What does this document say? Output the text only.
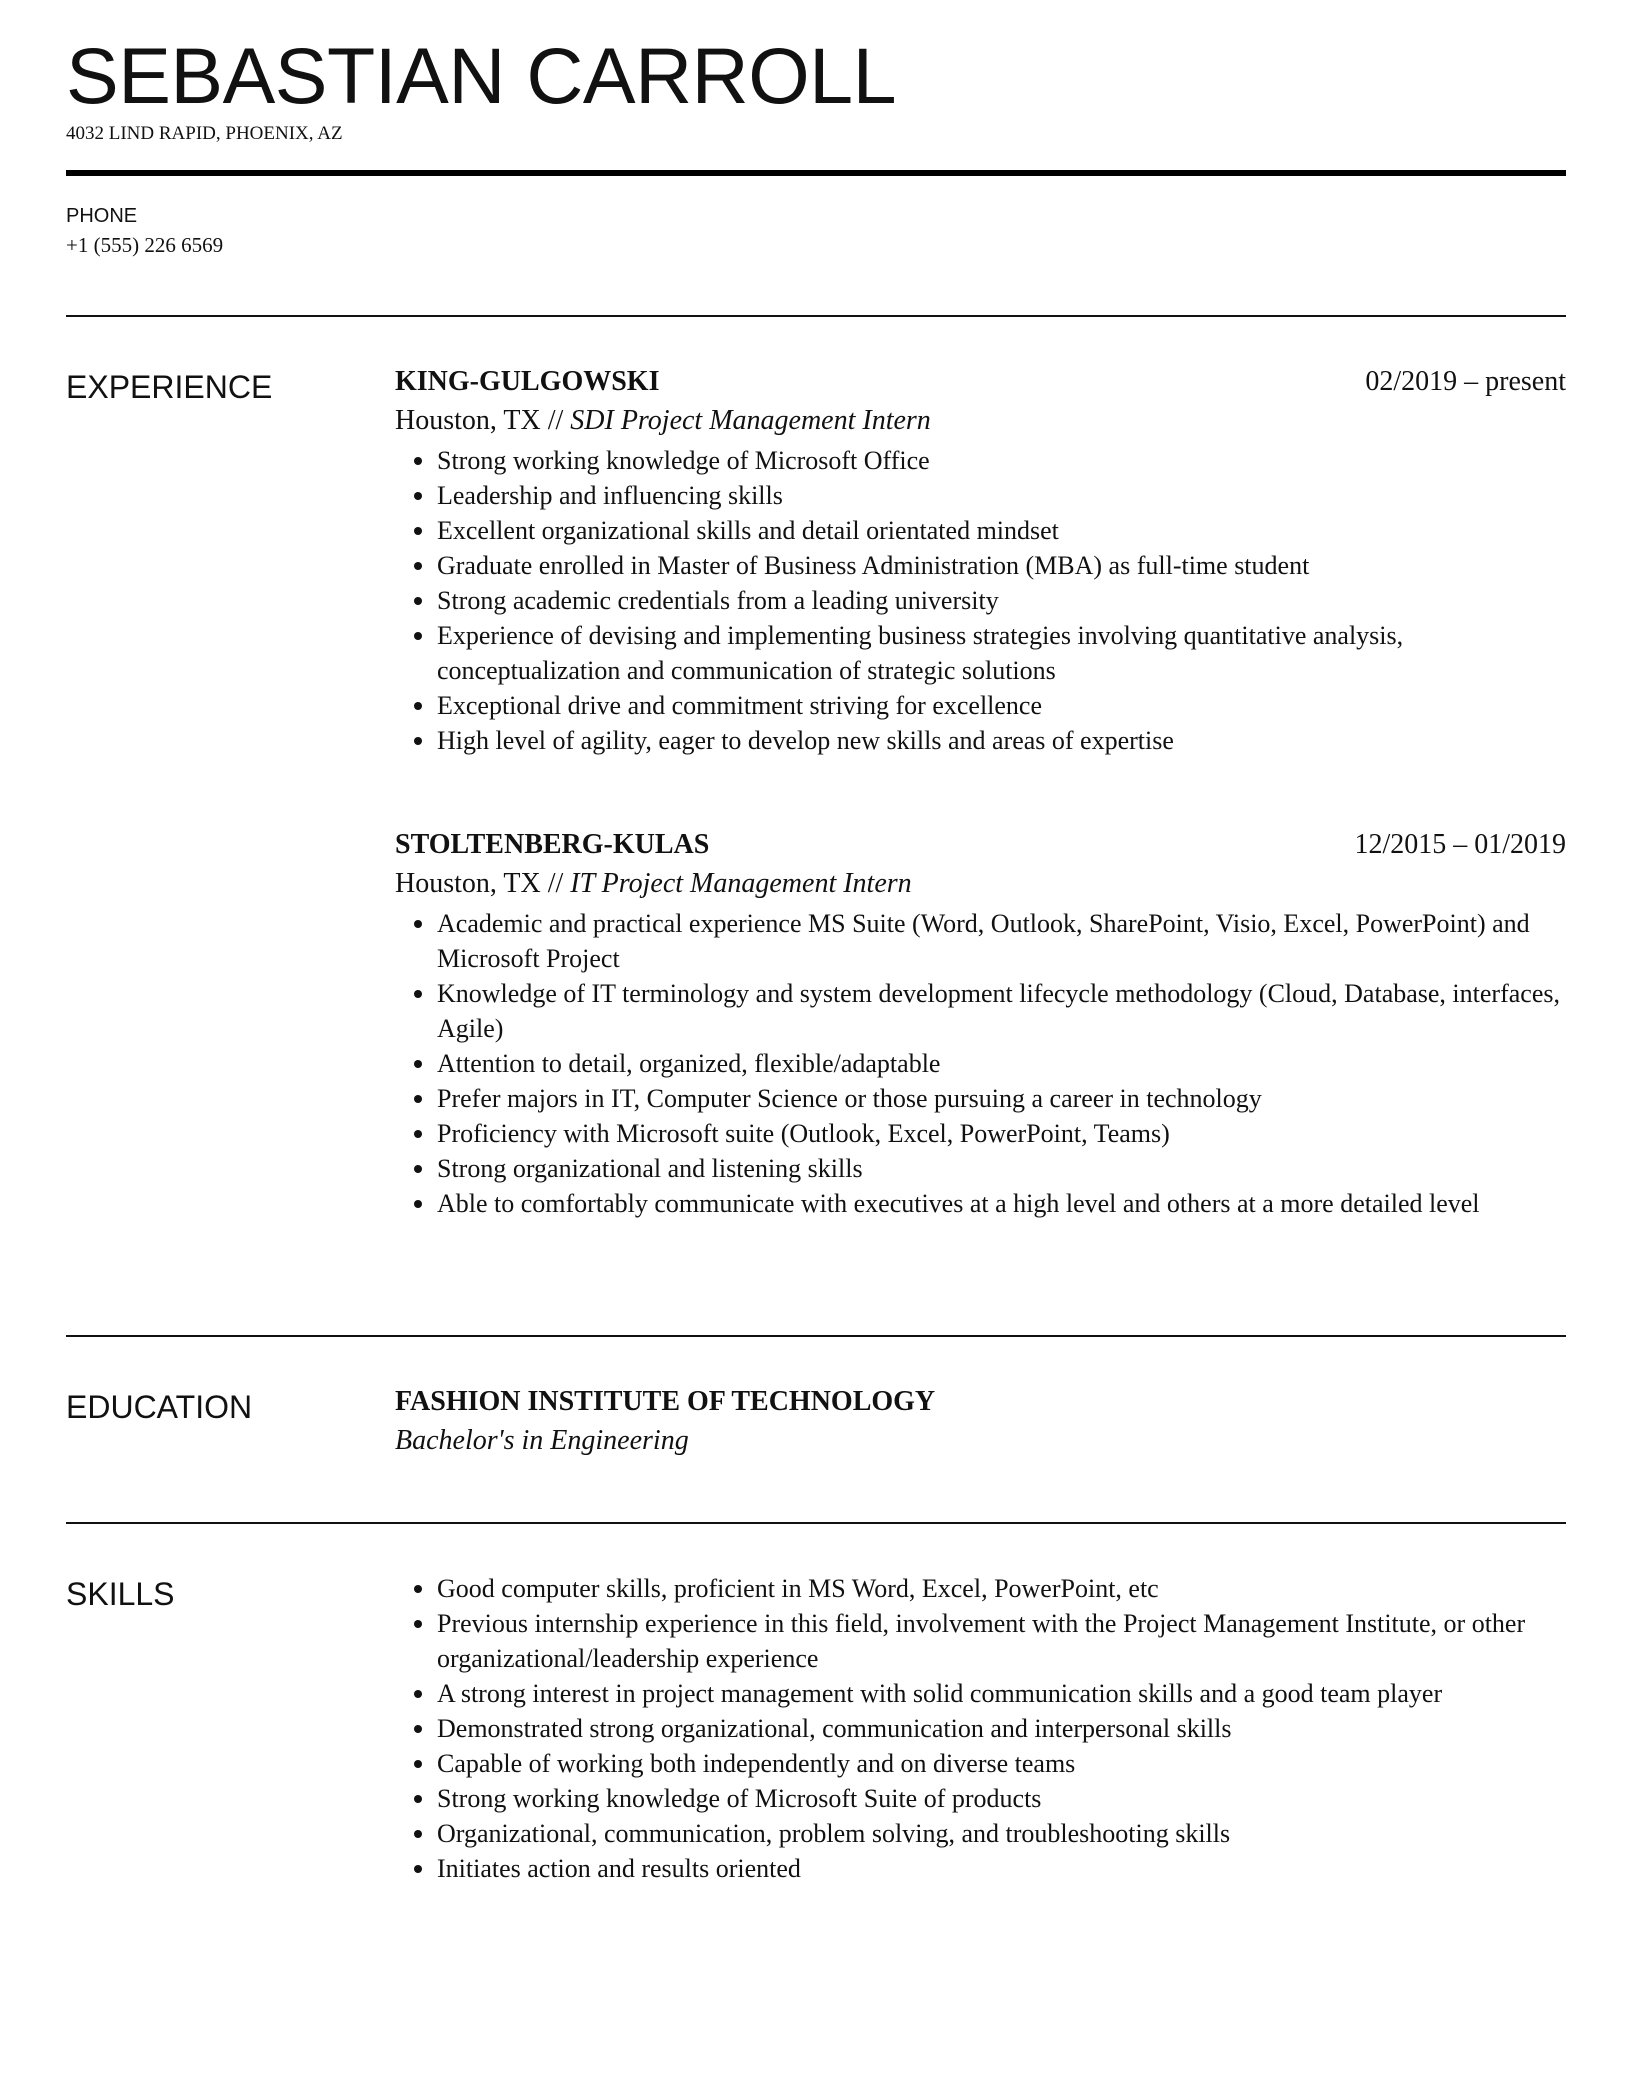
SEBASTIAN CARROLL
4032 LIND RAPID, PHOENIX, AZ
PHONE
+1 (555) 226 6569
EXPERIENCE	KING-GULGOWSKI	02/2019 – present
Houston, TX // SDI Project Management Intern
Strong working knowledge of Microsoft Office
Leadership and influencing skills
Excellent organizational skills and detail orientated mindset
Graduate enrolled in Master of Business Administration (MBA) as full-time student
Strong academic credentials from a leading university
Experience of devising and implementing business strategies involving quantitative analysis, conceptualization and communication of strategic solutions
Exceptional drive and commitment striving for excellence
High level of agility, eager to develop new skills and areas of expertise
STOLTENBERG-KULAS	12/2015 – 01/2019
Houston, TX // IT Project Management Intern
Academic and practical experience MS Suite (Word, Outlook, SharePoint, Visio, Excel, PowerPoint) and Microsoft Project
Knowledge of IT terminology and system development lifecycle methodology (Cloud, Database, interfaces, Agile)
Attention to detail, organized, flexible/adaptable
Prefer majors in IT, Computer Science or those pursuing a career in technology
Proficiency with Microsoft suite (Outlook, Excel, PowerPoint, Teams)
Strong organizational and listening skills
Able to comfortably communicate with executives at a high level and others at a more detailed level
EDUCATION	FASHION INSTITUTE OF TECHNOLOGY
Bachelor's in Engineering
SKILLS	Good computer skills, proficient in MS Word, Excel, PowerPoint, etc
Previous internship experience in this field, involvement with the Project Management Institute, or other organizational/leadership experience
A strong interest in project management with solid communication skills and a good team player
Demonstrated strong organizational, communication and interpersonal skills
Capable of working both independently and on diverse teams
Strong working knowledge of Microsoft Suite of products
Organizational, communication, problem solving, and troubleshooting skills
Initiates action and results oriented
